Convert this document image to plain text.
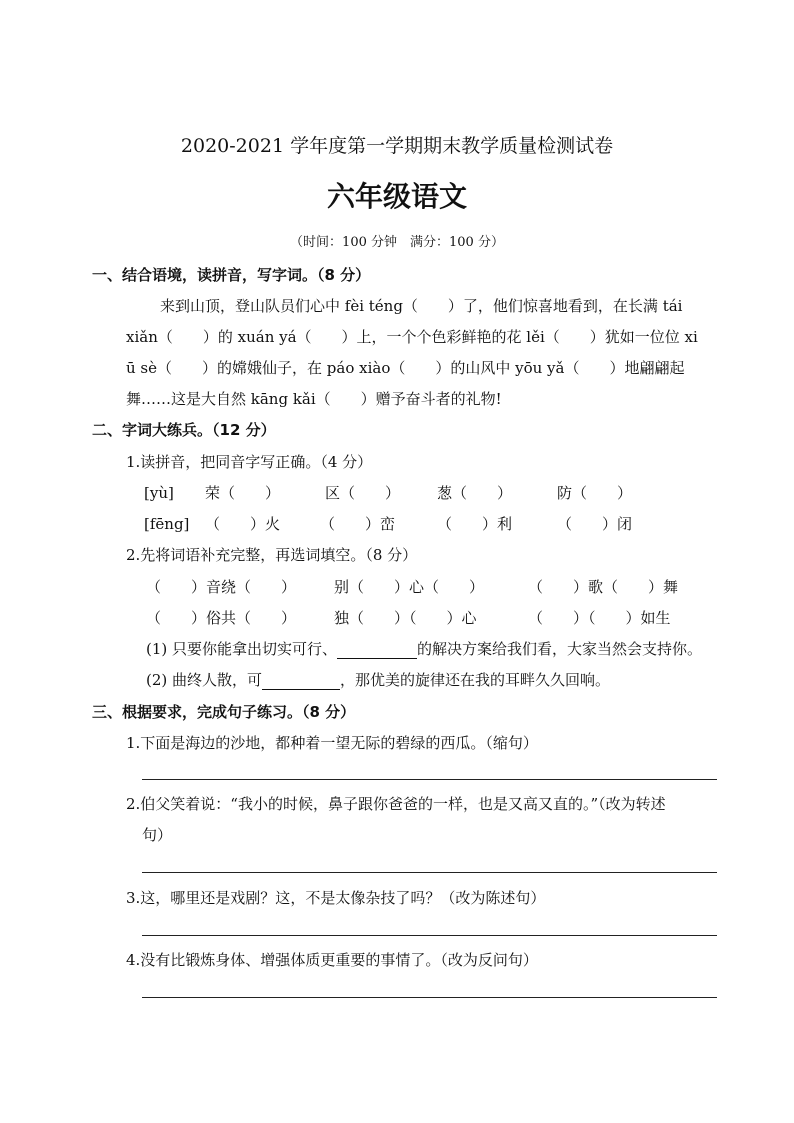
2020-2021 学年度第一学期期末教学质量检测试卷
六年级语文
（时间：100 分钟　满分：100 分）
一、结合语境，读拼音，写字词。（8 分）
来到山顶，登山队员们心中 fèi téng（　　）了，他们惊喜地看到，在长满 tái
xiǎn（　　）的 xuán yá（　　）上，一个个色彩鲜艳的花 lěi（　　）犹如一位位 xi
ū sè（　　）的嫦娥仙子，在 páo xiào（　　）的山风中 yōu yǎ（　　）地翩翩起
舞……这是大自然 kāng kǎi（　　）赠予奋斗者的礼物!
二、字词大练兵。（12 分）
1.读拼音，把同音字写正确。（4 分）
[yù] 荣（　　）	区（　　） 葱（　　）	防（　　）
[fēng] （　　）火	（　　）峦	（　　）利	（　　）闭
2.先将词语补充完整，再选词填空。（8 分）
（　　）音绕（　　）	别（　　）心（　　）	（　　）歌（　　）舞
（　　）俗共（　　）	独（　　）（　　）心	（　　）（　　）如生
(1) 只要你能拿出切实可行、	的解决方案给我们看，大家当然会支持你。
(2) 曲终人散，可	，那优美的旋律还在我的耳畔久久回响。
三、根据要求，完成句子练习。（8 分）
1.下面是海边的沙地，都种着一望无际的碧绿的西瓜。（缩句）
2.伯父笑着说：“我小的时候，鼻子跟你爸爸的一样，也是又高又直的。”（改为转述
句）
3.这，哪里还是戏剧？这，不是太像杂技了吗？（改为陈述句）
4.没有比锻炼身体、增强体质更重要的事情了。（改为反问句）
